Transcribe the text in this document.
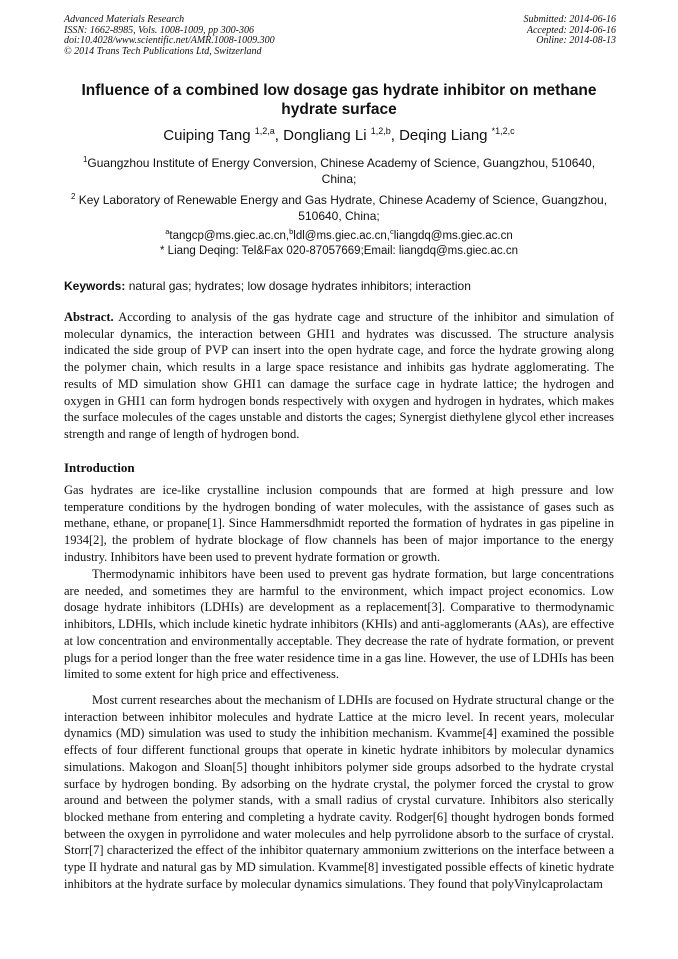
Advanced Materials Research
ISSN: 1662-8985, Vols. 1008-1009, pp 300-306
doi:10.4028/www.scientific.net/AMR.1008-1009.300
© 2014 Trans Tech Publications Ltd, Switzerland
Submitted: 2014-06-16
Accepted: 2014-06-16
Online: 2014-08-13
Influence of a combined low dosage gas hydrate inhibitor on methane hydrate surface
Cuiping Tang $^{1,2,a}$, Dongliang Li $^{1,2,b}$, Deqing Liang $^{*1,2,c}$
$^1$Guangzhou Institute of Energy Conversion, Chinese Academy of Science, Guangzhou, 510640, China;
$^2$ Key Laboratory of Renewable Energy and Gas Hydrate, Chinese Academy of Science, Guangzhou, 510640, China;
$^a$tangcp@ms.giec.ac.cn,$^b$ldl@ms.giec.ac.cn,$^c$liangdq@ms.giec.ac.cn
* Liang Deqing: Tel&Fax 020-87057669;Email: liangdq@ms.giec.ac.cn
Keywords: natural gas; hydrates; low dosage hydrates inhibitors; interaction
Abstract. According to analysis of the gas hydrate cage and structure of the inhibitor and simulation of molecular dynamics, the interaction between GHI1 and hydrates was discussed. The structure analysis indicated the side group of PVP can insert into the open hydrate cage, and force the hydrate growing along the polymer chain, which results in a large space resistance and inhibits gas hydrate agglomerating. The results of MD simulation show GHI1 can damage the surface cage in hydrate lattice; the hydrogen and oxygen in GHI1 can form hydrogen bonds respectively with oxygen and hydrogen in hydrates, which makes the surface molecules of the cages unstable and distorts the cages; Synergist diethylene glycol ether increases strength and range of length of hydrogen bond.
Introduction
Gas hydrates are ice-like crystalline inclusion compounds that are formed at high pressure and low temperature conditions by the hydrogen bonding of water molecules, with the assistance of gases such as methane, ethane, or propane[1]. Since Hammersdhmidt reported the formation of hydrates in gas pipeline in 1934[2], the problem of hydrate blockage of flow channels has been of major importance to the energy industry. Inhibitors have been used to prevent hydrate formation or growth.
Thermodynamic inhibitors have been used to prevent gas hydrate formation, but large concentrations are needed, and sometimes they are harmful to the environment, which impact project economics. Low dosage hydrate inhibitors (LDHIs) are development as a replacement[3]. Comparative to thermodynamic inhibitors, LDHIs, which include kinetic hydrate inhibitors (KHIs) and anti-agglomerants (AAs), are effective at low concentration and environmentally acceptable. They decrease the rate of hydrate formation, or prevent plugs for a period longer than the free water residence time in a gas line. However, the use of LDHIs has been limited to some extent for high price and effectiveness.
Most current researches about the mechanism of LDHIs are focused on Hydrate structural change or the interaction between inhibitor molecules and hydrate Lattice at the micro level. In recent years, molecular dynamics (MD) simulation was used to study the inhibition mechanism. Kvamme[4] examined the possible effects of four different functional groups that operate in kinetic hydrate inhibitors by molecular dynamics simulations. Makogon and Sloan[5] thought inhibitors polymer side groups adsorbed to the hydrate crystal surface by hydrogen bonding. By adsorbing on the hydrate crystal, the polymer forced the crystal to grow around and between the polymer stands, with a small radius of crystal curvature. Inhibitors also sterically blocked methane from entering and completing a hydrate cavity. Rodger[6] thought hydrogen bonds formed between the oxygen in pyrrolidone and water molecules and help pyrrolidone absorb to the surface of crystal. Storr[7] characterized the effect of the inhibitor quaternary ammonium zwitterions on the interface between a type II hydrate and natural gas by MD simulation. Kvamme[8] investigated possible effects of kinetic hydrate inhibitors at the hydrate surface by molecular dynamics simulations. They found that polyVinylcaprolactam
